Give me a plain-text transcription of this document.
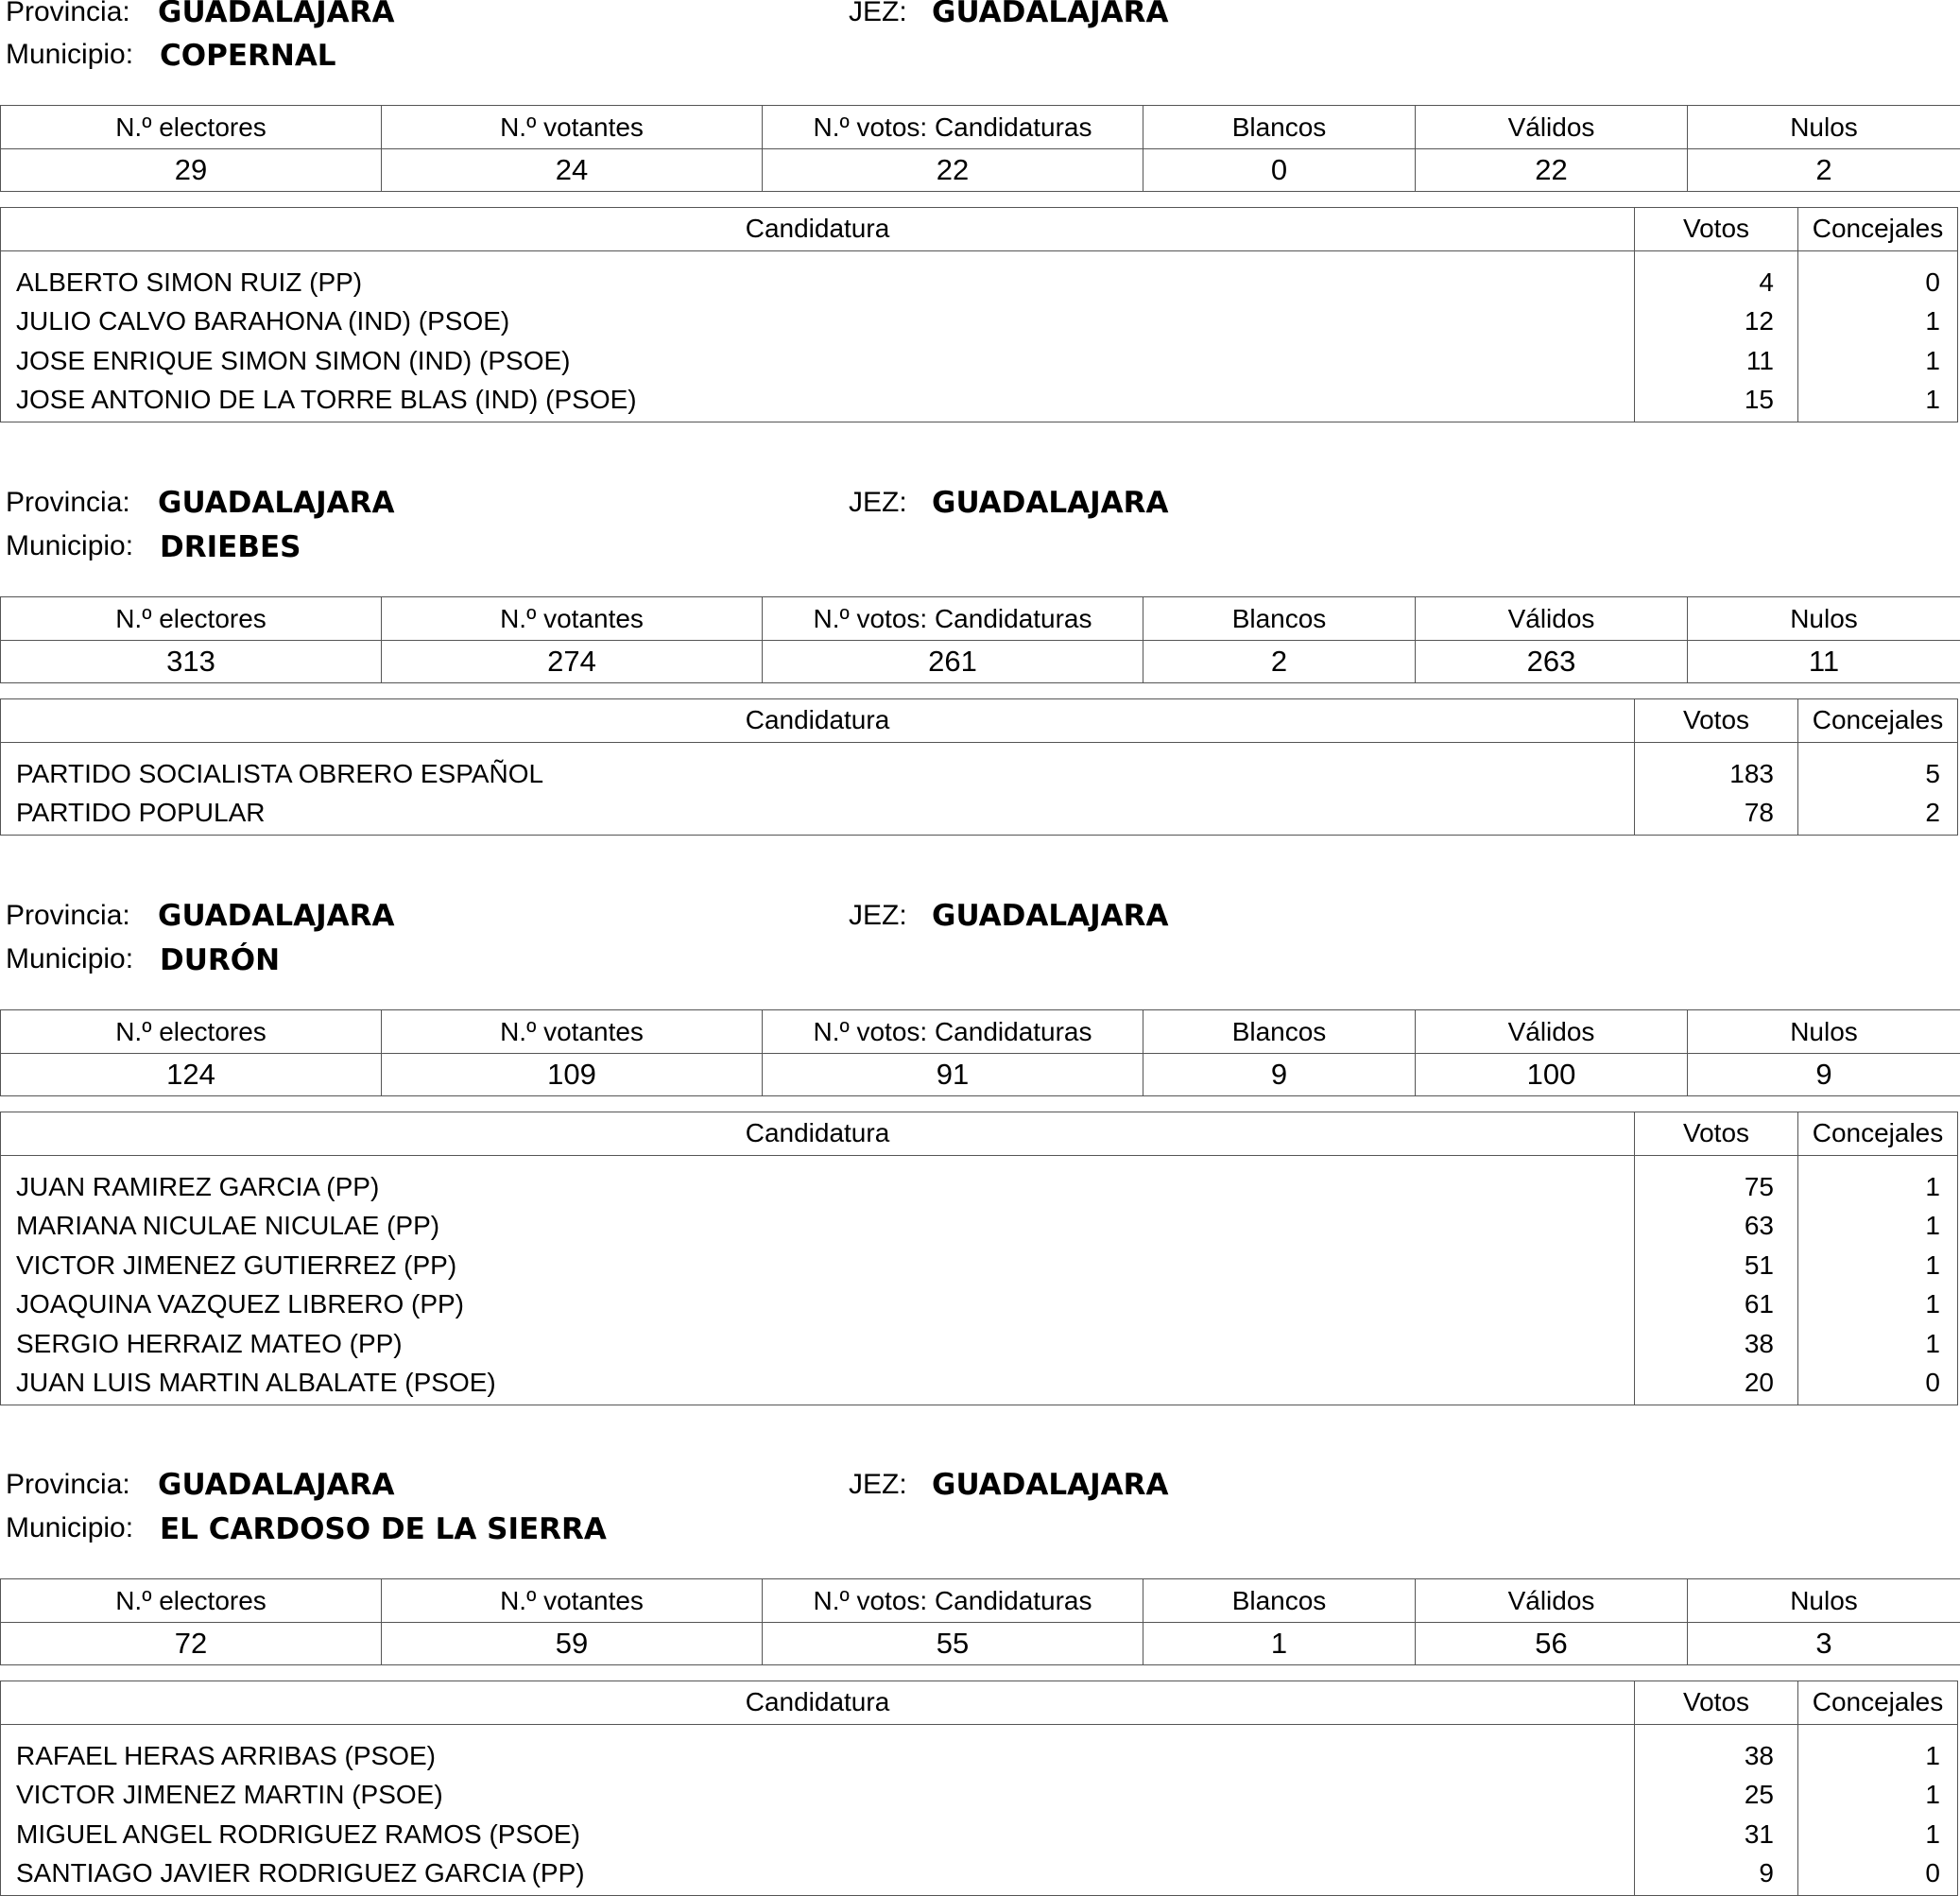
Provincia: GUADALAJARA	JEZ: GUADALAJARA
Municipio: COPERNAL
N.º electores	N.º votantes	N.º votos: Candidaturas	Blancos	Válidos	Nulos
29	24	22	0	22	2
Candidatura	Votos	Concejales
ALBERTO SIMON RUIZ (PP)	4	0
JULIO CALVO BARAHONA (IND) (PSOE)	12	1
JOSE ENRIQUE SIMON SIMON (IND) (PSOE)	11	1
JOSE ANTONIO DE LA TORRE BLAS (IND) (PSOE)	15	1
Provincia: GUADALAJARA	JEZ: GUADALAJARA
Municipio: DRIEBES
N.º electores	N.º votantes	N.º votos: Candidaturas	Blancos	Válidos	Nulos
313	274	261	2	263	11
Candidatura	Votos	Concejales
PARTIDO SOCIALISTA OBRERO ESPAÑOL	183	5
PARTIDO POPULAR	78	2
Provincia: GUADALAJARA	JEZ: GUADALAJARA
Municipio: DURÓN
N.º electores	N.º votantes	N.º votos: Candidaturas	Blancos	Válidos	Nulos
124	109	91	9	100	9
Candidatura	Votos	Concejales
JUAN RAMIREZ GARCIA (PP)	75	1
MARIANA NICULAE NICULAE (PP)	63	1
VICTOR JIMENEZ GUTIERREZ (PP)	51	1
JOAQUINA VAZQUEZ LIBRERO (PP)	61	1
SERGIO HERRAIZ MATEO (PP)	38	1
JUAN LUIS MARTIN ALBALATE (PSOE)	20	0
Provincia: GUADALAJARA	JEZ: GUADALAJARA
Municipio: EL CARDOSO DE LA SIERRA
N.º electores	N.º votantes	N.º votos: Candidaturas	Blancos	Válidos	Nulos
72	59	55	1	56	3
Candidatura	Votos	Concejales
RAFAEL HERAS ARRIBAS (PSOE)	38	1
VICTOR JIMENEZ MARTIN (PSOE)	25	1
MIGUEL ANGEL RODRIGUEZ RAMOS (PSOE)	31	1
SANTIAGO JAVIER RODRIGUEZ GARCIA (PP)	9	0
